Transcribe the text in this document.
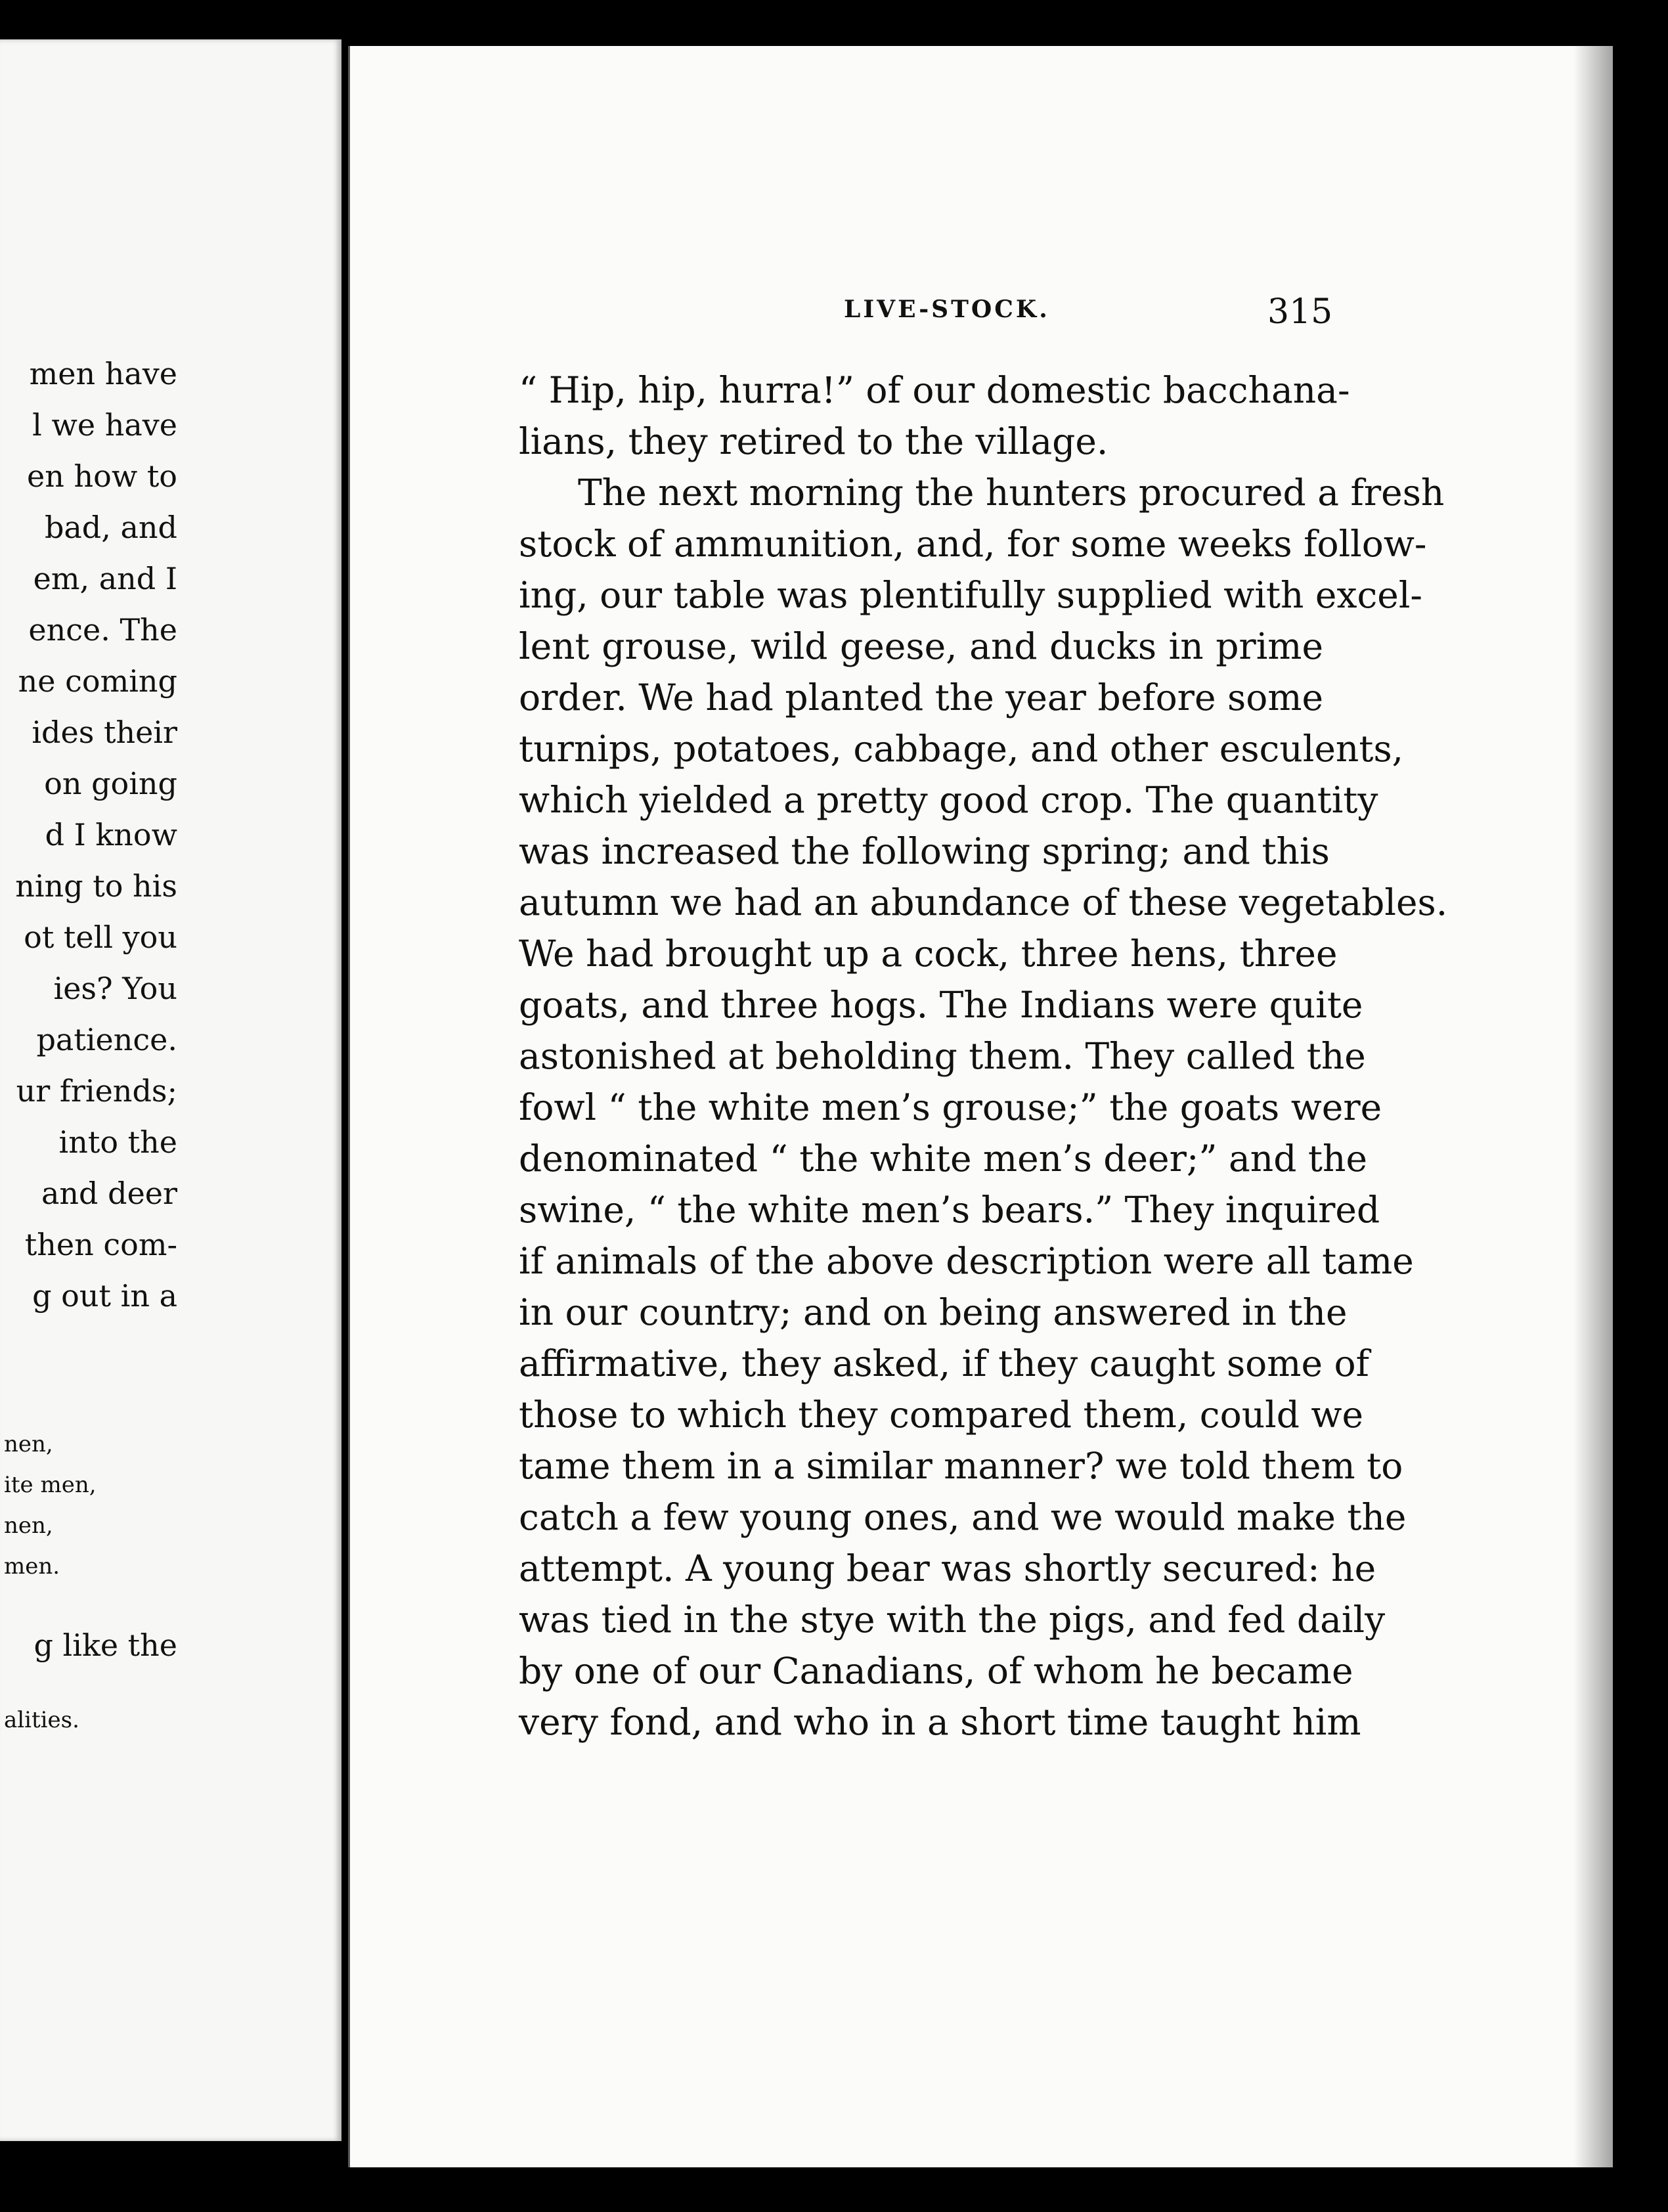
men have
l we have
en how to
bad, and
em, and I
ence. The
ne coming
ides their
on going
d I know
ning to his
ot tell you
ies? You
patience.
ur friends;
into the
and deer
then com-
g out in a
nen,
ite men,
nen,
men.
g like the
alities.
LIVE-STOCK.	315
“ Hip, hip, hurra!” of our domestic bacchana-
lians, they retired to the village.
The next morning the hunters procured a fresh
stock of ammunition, and, for some weeks follow-
ing, our table was plentifully supplied with excel-
lent grouse, wild geese, and ducks in prime
order. We had planted the year before some
turnips, potatoes, cabbage, and other esculents,
which yielded a pretty good crop. The quantity
was increased the following spring; and this
autumn we had an abundance of these vegetables.
We had brought up a cock, three hens, three
goats, and three hogs. The Indians were quite
astonished at beholding them. They called the
fowl “ the white men’s grouse;” the goats were
denominated “ the white men’s deer;” and the
swine, “ the white men’s bears.” They inquired
if animals of the above description were all tame
in our country; and on being answered in the
affirmative, they asked, if they caught some of
those to which they compared them, could we
tame them in a similar manner? we told them to
catch a few young ones, and we would make the
attempt. A young bear was shortly secured: he
was tied in the stye with the pigs, and fed daily
by one of our Canadians, of whom he became
very fond, and who in a short time taught him
